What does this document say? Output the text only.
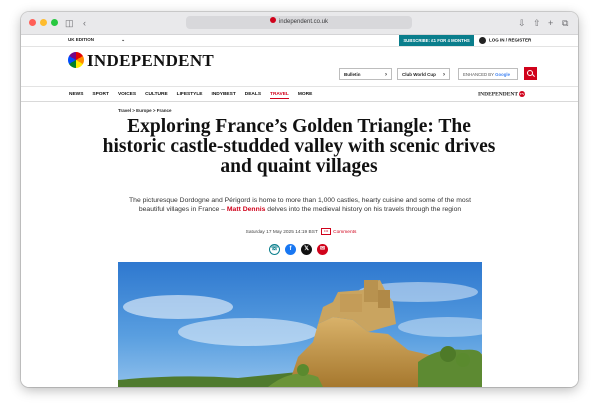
◫ ‹	independent.co.uk	⇩ ⇧ + ⧉
UK EDITION	⌄	SUBSCRIBE: £1 FOR 4 MONTHS	LOG IN / REGISTER
INDEPENDENT
Bulletin	›	Club World Cup ›	ENHANCED BY Google
NEWS SPORT VOICES CULTURE LIFESTYLE INDYBEST DEALS TRAVEL MORE	INDEPENDENT TV
Travel > Europe > France
Exploring France’s Golden Triangle: The historic castle-studded valley with scenic drives and quaint villages
The picturesque Dordogne and Périgord is home to more than 1,000 castles, hearty cuisine and some of the most beautiful villages in France – Matt Dennis delves into the medieval history on his travels through the region
Saturday 17 May 2025 14:19 BST ••• Comments
☏	f	𝕏	✉
